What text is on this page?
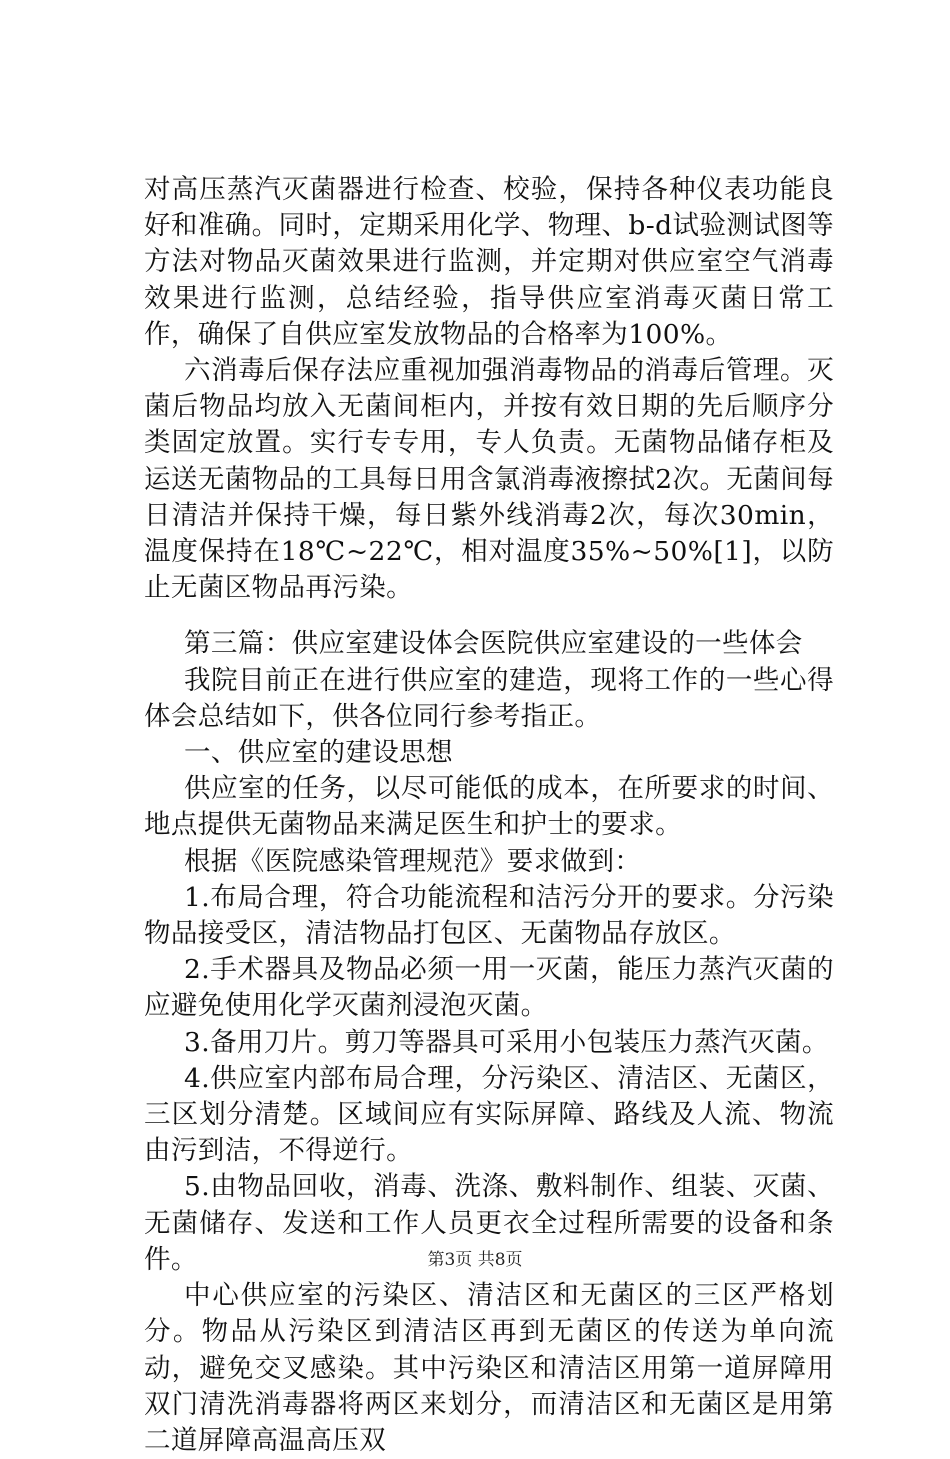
对高压蒸汽灭菌器进行检查、校验，保持各种仪表功能良好和准确。同时，定期采用化学、物理、b-d试验测试图等方法对物品灭菌效果进行监测，并定期对供应室空气消毒效果进行监测，总结经验，指导供应室消毒灭菌日常工作，确保了自供应室发放物品的合格率为100%。

六消毒后保存法应重视加强消毒物品的消毒后管理。灭菌后物品均放入无菌间柜内，并按有效日期的先后顺序分类固定放置。实行专专用，专人负责。无菌物品储存柜及运送无菌物品的工具每日用含氯消毒液擦拭2次。无菌间每日清洁并保持干燥，每日紫外线消毒2次，每次30min，温度保持在18℃~22℃，相对温度35%~50%[1]，以防止无菌区物品再污染。

第三篇：供应室建设体会医院供应室建设的一些体会

我院目前正在进行供应室的建造，现将工作的一些心得体会总结如下，供各位同行参考指正。

一、供应室的建设思想

供应室的任务，以尽可能低的成本，在所要求的时间、地点提供无菌物品来满足医生和护士的要求。

根据《医院感染管理规范》要求做到：

1.布局合理，符合功能流程和洁污分开的要求。分污染物品接受区，清洁物品打包区、无菌物品存放区。

2.手术器具及物品必须一用一灭菌，能压力蒸汽灭菌的应避免使用化学灭菌剂浸泡灭菌。

3.备用刀片。剪刀等器具可采用小包装压力蒸汽灭菌。

4.供应室内部布局合理，分污染区、清洁区、无菌区，三区划分清楚。区域间应有实际屏障、路线及人流、物流由污到洁，不得逆行。

5.由物品回收，消毒、洗涤、敷料制作、组装、灭菌、无菌储存、发送和工作人员更衣全过程所需要的设备和条件。

中心供应室的污染区、清洁区和无菌区的三区严格划分。物品从污染区到清洁区再到无菌区的传送为单向流动，避免交叉感染。其中污染区和清洁区用第一道屏障用双门清洗消毒器将两区来划分，而清洁区和无菌区是用第二道屏障高温高压双

第3页 共8页
